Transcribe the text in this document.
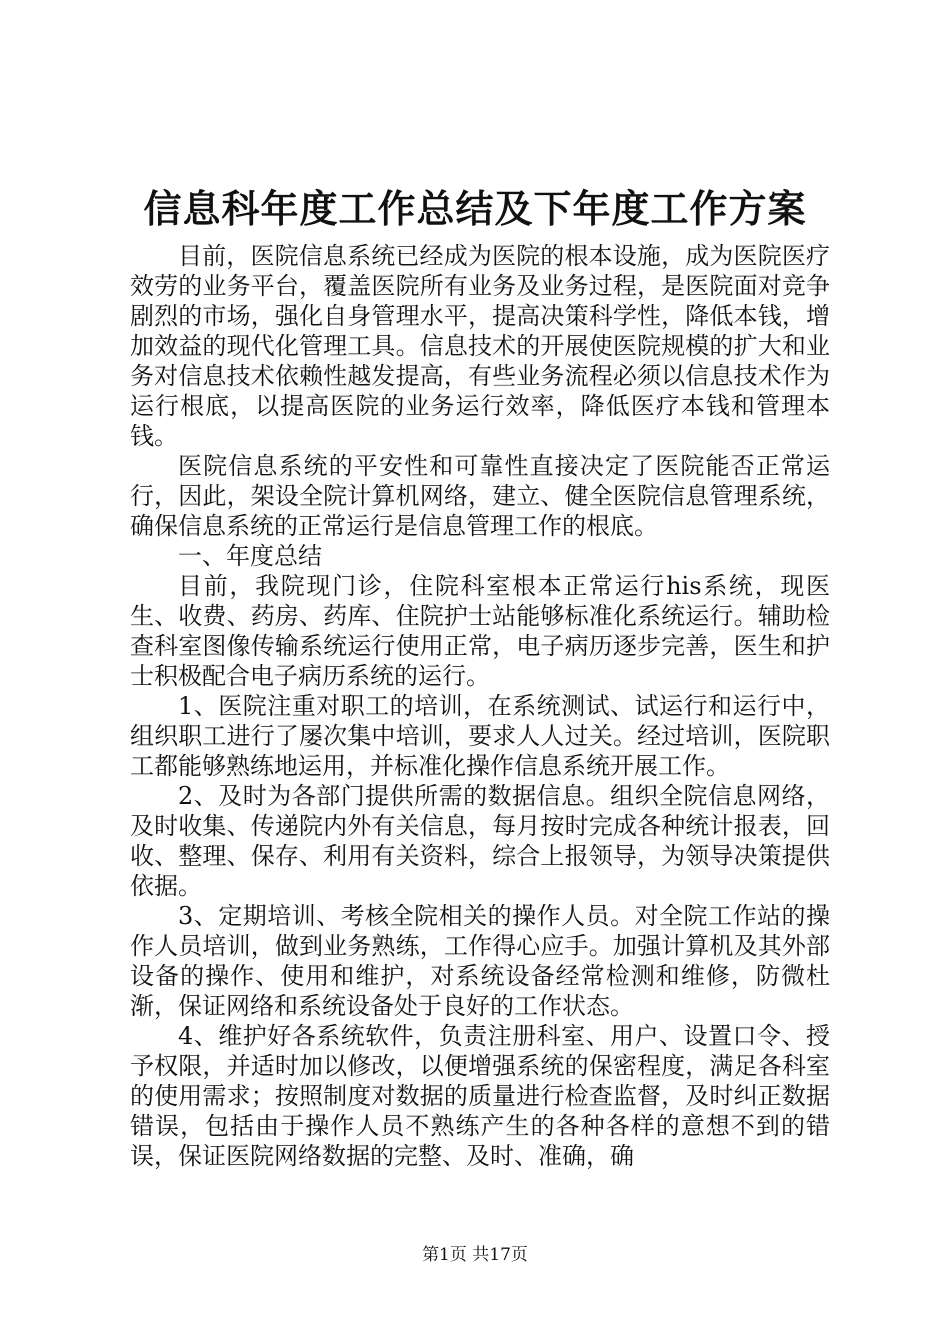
信息科年度工作总结及下年度工作方案

目前，医院信息系统已经成为医院的根本设施，成为医院医疗效劳的业务平台，覆盖医院所有业务及业务过程，是医院面对竞争剧烈的市场，强化自身管理水平，提高决策科学性，降低本钱，增加效益的现代化管理工具。信息技术的开展使医院规模的扩大和业务对信息技术依赖性越发提高，有些业务流程必须以信息技术作为运行根底，以提高医院的业务运行效率，降低医疗本钱和管理本钱。

医院信息系统的平安性和可靠性直接决定了医院能否正常运行，因此，架设全院计算机网络，建立、健全医院信息管理系统，确保信息系统的正常运行是信息管理工作的根底。

一、年度总结

目前，我院现门诊，住院科室根本正常运行his系统，现医生、收费、药房、药库、住院护士站能够标准化系统运行。辅助检查科室图像传输系统运行使用正常，电子病历逐步完善，医生和护士积极配合电子病历系统的运行。

1、医院注重对职工的培训，在系统测试、试运行和运行中，组织职工进行了屡次集中培训，要求人人过关。经过培训，医院职工都能够熟练地运用，并标准化操作信息系统开展工作。

2、及时为各部门提供所需的数据信息。组织全院信息网络，及时收集、传递院内外有关信息，每月按时完成各种统计报表，回收、整理、保存、利用有关资料，综合上报领导，为领导决策提供依据。

3、定期培训、考核全院相关的操作人员。对全院工作站的操作人员培训，做到业务熟练，工作得心应手。加强计算机及其外部设备的操作、使用和维护，对系统设备经常检测和维修，防微杜渐，保证网络和系统设备处于良好的工作状态。

4、维护好各系统软件，负责注册科室、用户、设置口令、授予权限，并适时加以修改，以便增强系统的保密程度，满足各科室的使用需求；按照制度对数据的质量进行检查监督，及时纠正数据错误，包括由于操作人员不熟练产生的各种各样的意想不到的错误，保证医院网络数据的完整、及时、准确，确

第1页 共17页
